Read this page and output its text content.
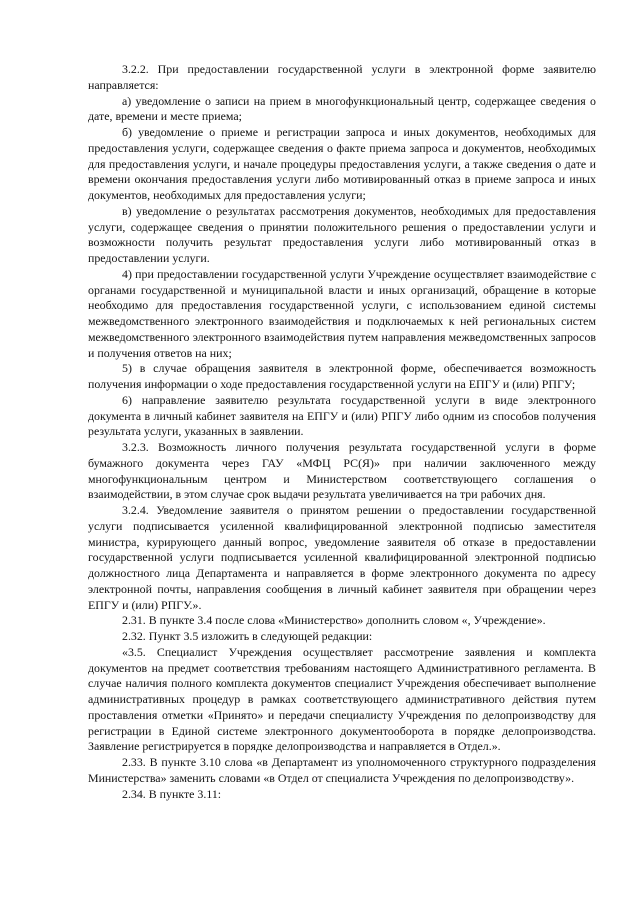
3.2.2. При предоставлении государственной услуги в электронной форме заявителю направляется:

а) уведомление о записи на прием в многофункциональный центр, содержащее сведения о дате, времени и месте приема;

б) уведомление о приеме и регистрации запроса и иных документов, необходимых для предоставления услуги, содержащее сведения о факте приема запроса и документов, необходимых для предоставления услуги, и начале процедуры предоставления услуги, а также сведения о дате и времени окончания предоставления услуги либо мотивированный отказ в приеме запроса и иных документов, необходимых для предоставления услуги;

в) уведомление о результатах рассмотрения документов, необходимых для предоставления услуги, содержащее сведения о принятии положительного решения о предоставлении услуги и возможности получить результат предоставления услуги либо мотивированный отказ в предоставлении услуги.

4) при предоставлении государственной услуги Учреждение осуществляет взаимодействие с органами государственной и муниципальной власти и иных организаций, обращение в которые необходимо для предоставления государственной услуги, с использованием единой системы межведомственного электронного взаимодействия и подключаемых к ней региональных систем межведомственного электронного взаимодействия путем направления межведомственных запросов и получения ответов на них;

5) в случае обращения заявителя в электронной форме, обеспечивается возможность получения информации о ходе предоставления государственной услуги на ЕПГУ и (или) РПГУ;

6) направление заявителю результата государственной услуги в виде электронного документа в личный кабинет заявителя на ЕПГУ и (или) РПГУ либо одним из способов получения результата услуги, указанных в заявлении.

3.2.3. Возможность личного получения результата государственной услуги в форме бумажного документа через ГАУ «МФЦ РС(Я)» при наличии заключенного между многофункциональным центром и Министерством соответствующего соглашения о взаимодействии, в этом случае срок выдачи результата увеличивается на три рабочих дня.

3.2.4. Уведомление заявителя о принятом решении о предоставлении государственной услуги подписывается усиленной квалифицированной электронной подписью заместителя министра, курирующего данный вопрос, уведомление заявителя об отказе в предоставлении государственной услуги подписывается усиленной квалифицированной электронной подписью должностного лица Департамента и направляется в форме электронного документа по адресу электронной почты, направления сообщения в личный кабинет заявителя при обращении через ЕПГУ и (или) РПГУ.».

2.31. В пункте 3.4 после слова «Министерство» дополнить словом «, Учреждение».

2.32. Пункт 3.5 изложить в следующей редакции:

«3.5. Специалист Учреждения осуществляет рассмотрение заявления и комплекта документов на предмет соответствия требованиям настоящего Административного регламента. В случае наличия полного комплекта документов специалист Учреждения обеспечивает выполнение административных процедур в рамках соответствующего административного действия путем проставления отметки «Принято» и передачи специалисту Учреждения по делопроизводству для регистрации в Единой системе электронного документооборота в порядке делопроизводства. Заявление регистрируется в порядке делопроизводства и направляется в Отдел.».

2.33. В пункте 3.10 слова «в Департамент из уполномоченного структурного подразделения Министерства» заменить словами «в Отдел от специалиста Учреждения по делопроизводству».

2.34. В пункте 3.11:
